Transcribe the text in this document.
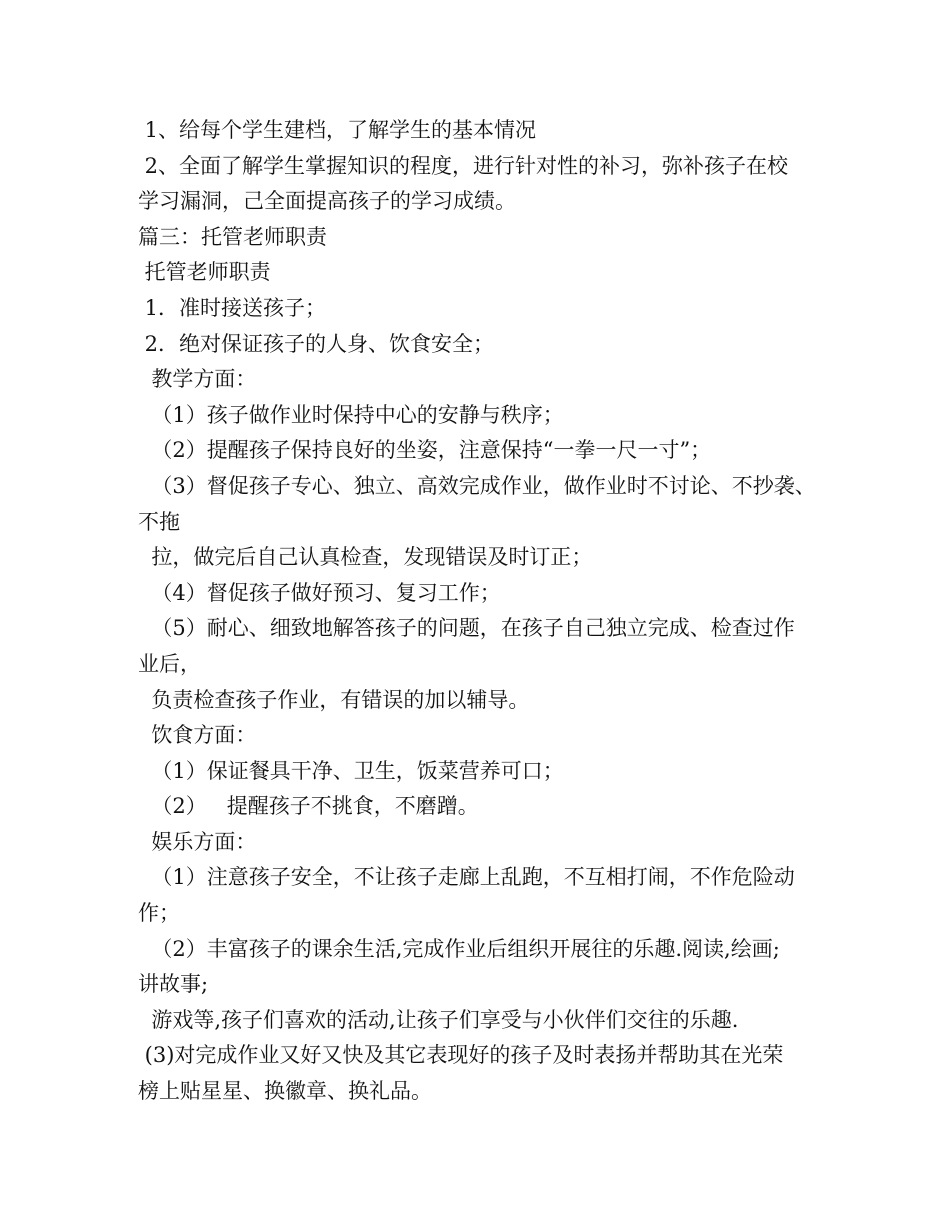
1、给每个学生建档，了解学生的基本情况
2、全面了解学生掌握知识的程度，进行针对性的补习，弥补孩子在校
学习漏洞，己全面提高孩子的学习成绩。
篇三：托管老师职责
托管老师职责
1．准时接送孩子；
2．绝对保证孩子的人身、饮食安全；
教学方面：
（1）孩子做作业时保持中心的安静与秩序；
（2）提醒孩子保持良好的坐姿，注意保持“一拳一尺一寸”；
（3）督促孩子专心、独立、高效完成作业，做作业时不讨论、不抄袭、
不拖
拉，做完后自己认真检查，发现错误及时订正；
（4）督促孩子做好预习、复习工作；
（5）耐心、细致地解答孩子的问题，在孩子自己独立完成、检查过作
业后，
负责检查孩子作业，有错误的加以辅导。
饮食方面：
（1）保证餐具干净、卫生，饭菜营养可口；
（2）   提醒孩子不挑食，不磨蹭。
娱乐方面：
（1）注意孩子安全，不让孩子走廊上乱跑，不互相打闹，不作危险动
作；
（2）丰富孩子的课余生活,完成作业后组织开展往的乐趣.阅读,绘画;
讲故事;
游戏等,孩子们喜欢的活动,让孩子们享受与小伙伴们交往的乐趣.
(3)对完成作业又好又快及其它表现好的孩子及时表扬并帮助其在光荣
榜上贴星星、换徽章、换礼品。
